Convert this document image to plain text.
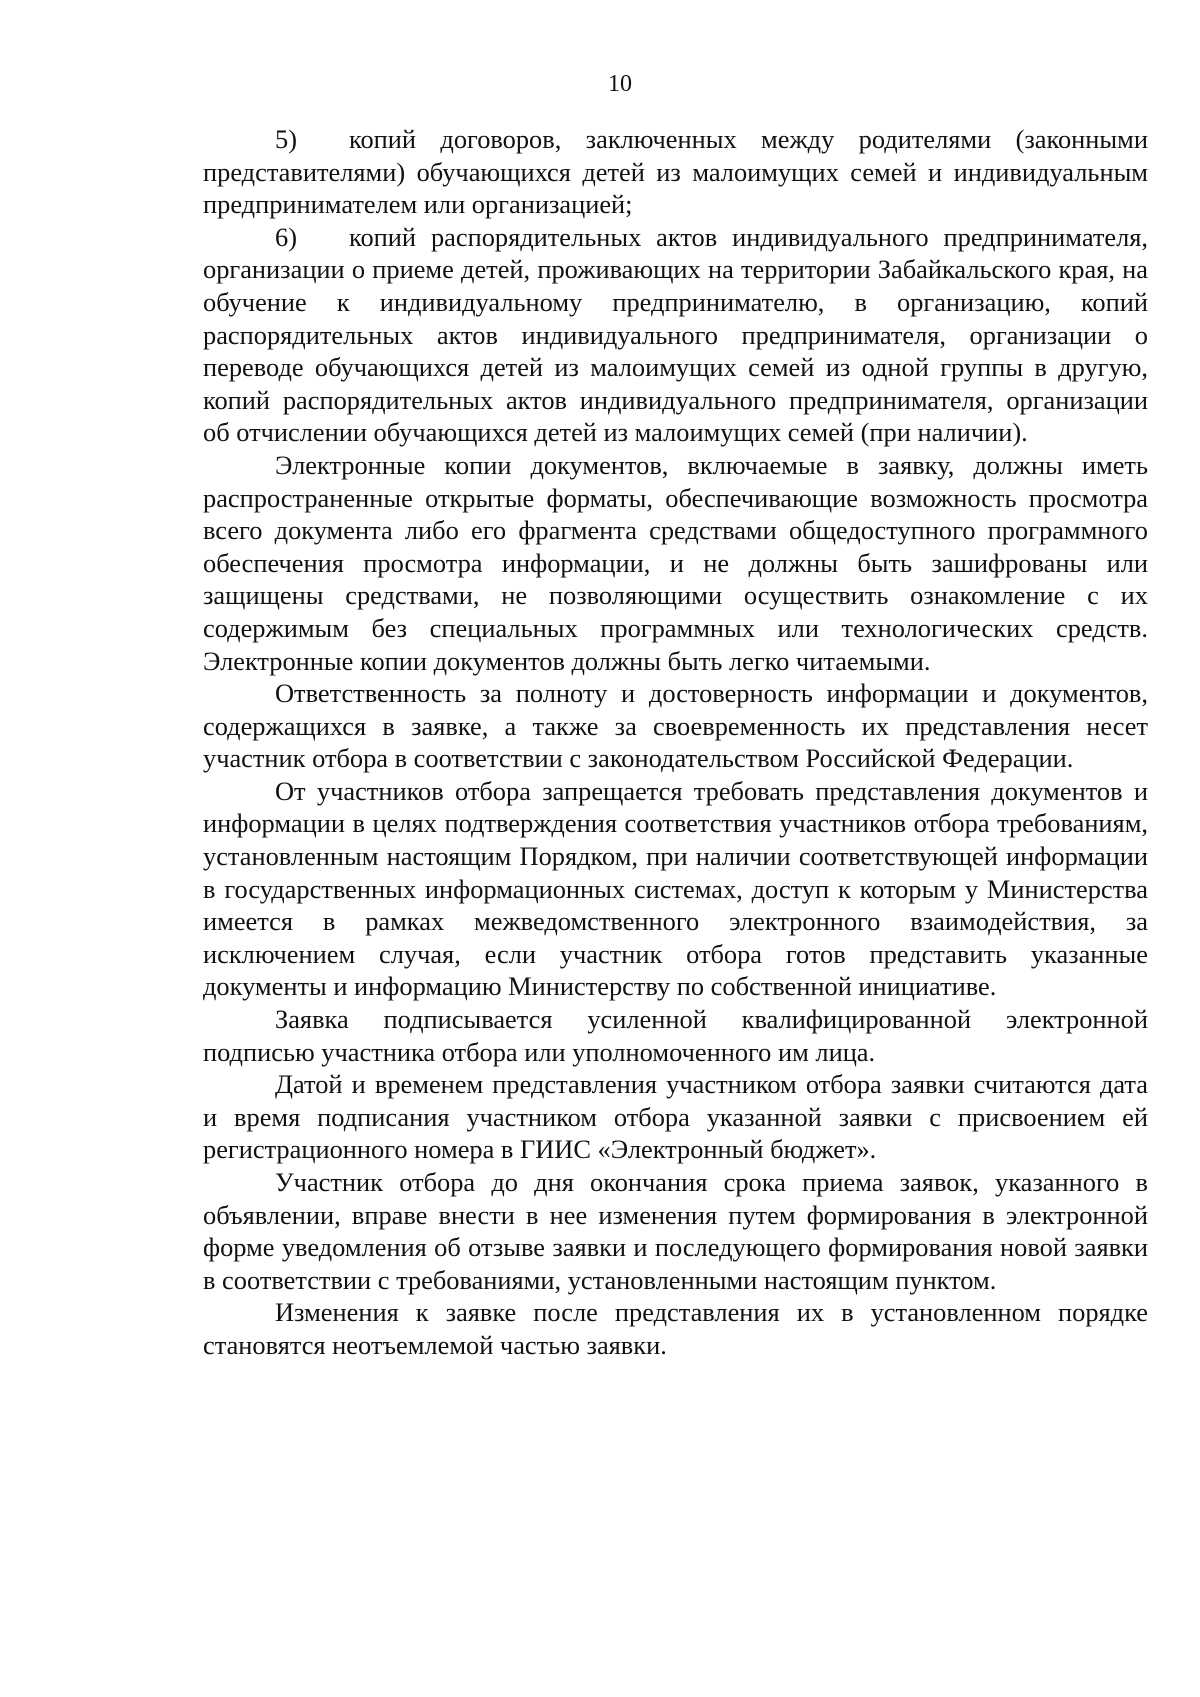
10

5) копий договоров, заключенных между родителями (законными представителями) обучающихся детей из малоимущих семей и индивидуальным предпринимателем или организацией;

6) копий распорядительных актов индивидуального предпринимателя, организации о приеме детей, проживающих на территории Забайкальского края, на обучение к индивидуальному предпринимателю, в организацию, копий распорядительных актов индивидуального предпринимателя, организации о переводе обучающихся детей из малоимущих семей из одной группы в другую, копий распорядительных актов индивидуального предпринимателя, организации об отчислении обучающихся детей из малоимущих семей (при наличии).

Электронные копии документов, включаемые в заявку, должны иметь распространенные открытые форматы, обеспечивающие возможность просмотра всего документа либо его фрагмента средствами общедоступного программного обеспечения просмотра информации, и не должны быть зашифрованы или защищены средствами, не позволяющими осуществить ознакомление с их содержимым без специальных программных или технологических средств. Электронные копии документов должны быть легко читаемыми.

Ответственность за полноту и достоверность информации и документов, содержащихся в заявке, а также за своевременность их представления несет участник отбора в соответствии с законодательством Российской Федерации.

От участников отбора запрещается требовать представления документов и информации в целях подтверждения соответствия участников отбора требованиям, установленным настоящим Порядком, при наличии соответствующей информации в государственных информационных системах, доступ к которым у Министерства имеется в рамках межведомственного электронного взаимодействия, за исключением случая, если участник отбора готов представить указанные документы и информацию Министерству по собственной инициативе.

Заявка подписывается усиленной квалифицированной электронной подписью участника отбора или уполномоченного им лица.

Датой и временем представления участником отбора заявки считаются дата и время подписания участником отбора указанной заявки с присвоением ей регистрационного номера в ГИИС «Электронный бюджет».

Участник отбора до дня окончания срока приема заявок, указанного в объявлении, вправе внести в нее изменения путем формирования в электронной форме уведомления об отзыве заявки и последующего формирования новой заявки в соответствии с требованиями, установленными настоящим пунктом.

Изменения к заявке после представления их в установленном порядке становятся неотъемлемой частью заявки.
